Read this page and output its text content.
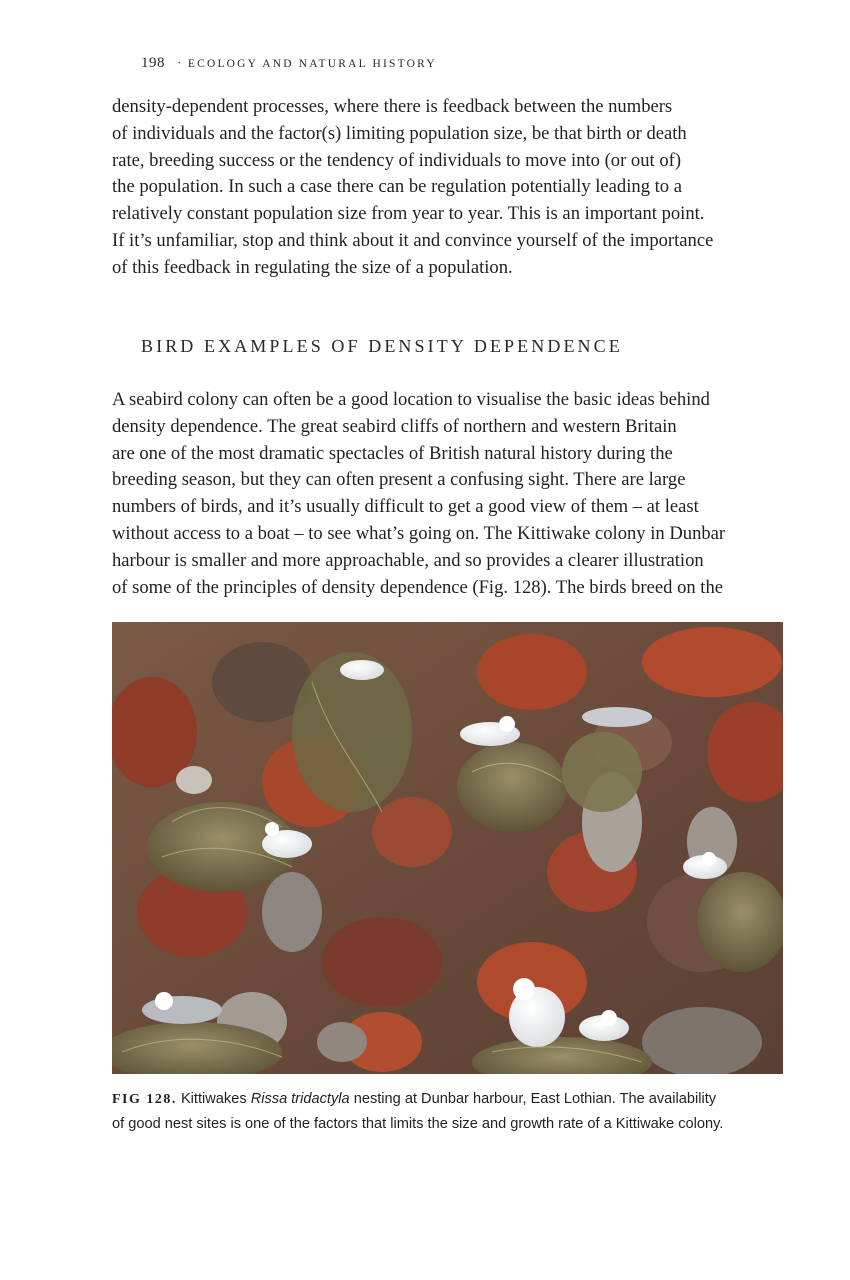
198 · ECOLOGY AND NATURAL HISTORY
density-dependent processes, where there is feedback between the numbers
of individuals and the factor(s) limiting population size, be that birth or death
rate, breeding success or the tendency of individuals to move into (or out of)
the population. In such a case there can be regulation potentially leading to a
relatively constant population size from year to year. This is an important point.
If it’s unfamiliar, stop and think about it and convince yourself of the importance
of this feedback in regulating the size of a population.
BIRD EXAMPLES OF DENSITY DEPENDENCE
A seabird colony can often be a good location to visualise the basic ideas behind
density dependence. The great seabird cliffs of northern and western Britain
are one of the most dramatic spectacles of British natural history during the
breeding season, but they can often present a confusing sight. There are large
numbers of birds, and it’s usually difficult to get a good view of them – at least
without access to a boat – to see what’s going on. The Kittiwake colony in Dunbar
harbour is smaller and more approachable, and so provides a clearer illustration
of some of the principles of density dependence (Fig. 128). The birds breed on the
FIG 128. Kittiwakes Rissa tridactyla nesting at Dunbar harbour, East Lothian. The availability
of good nest sites is one of the factors that limits the size and growth rate of a Kittiwake colony.
